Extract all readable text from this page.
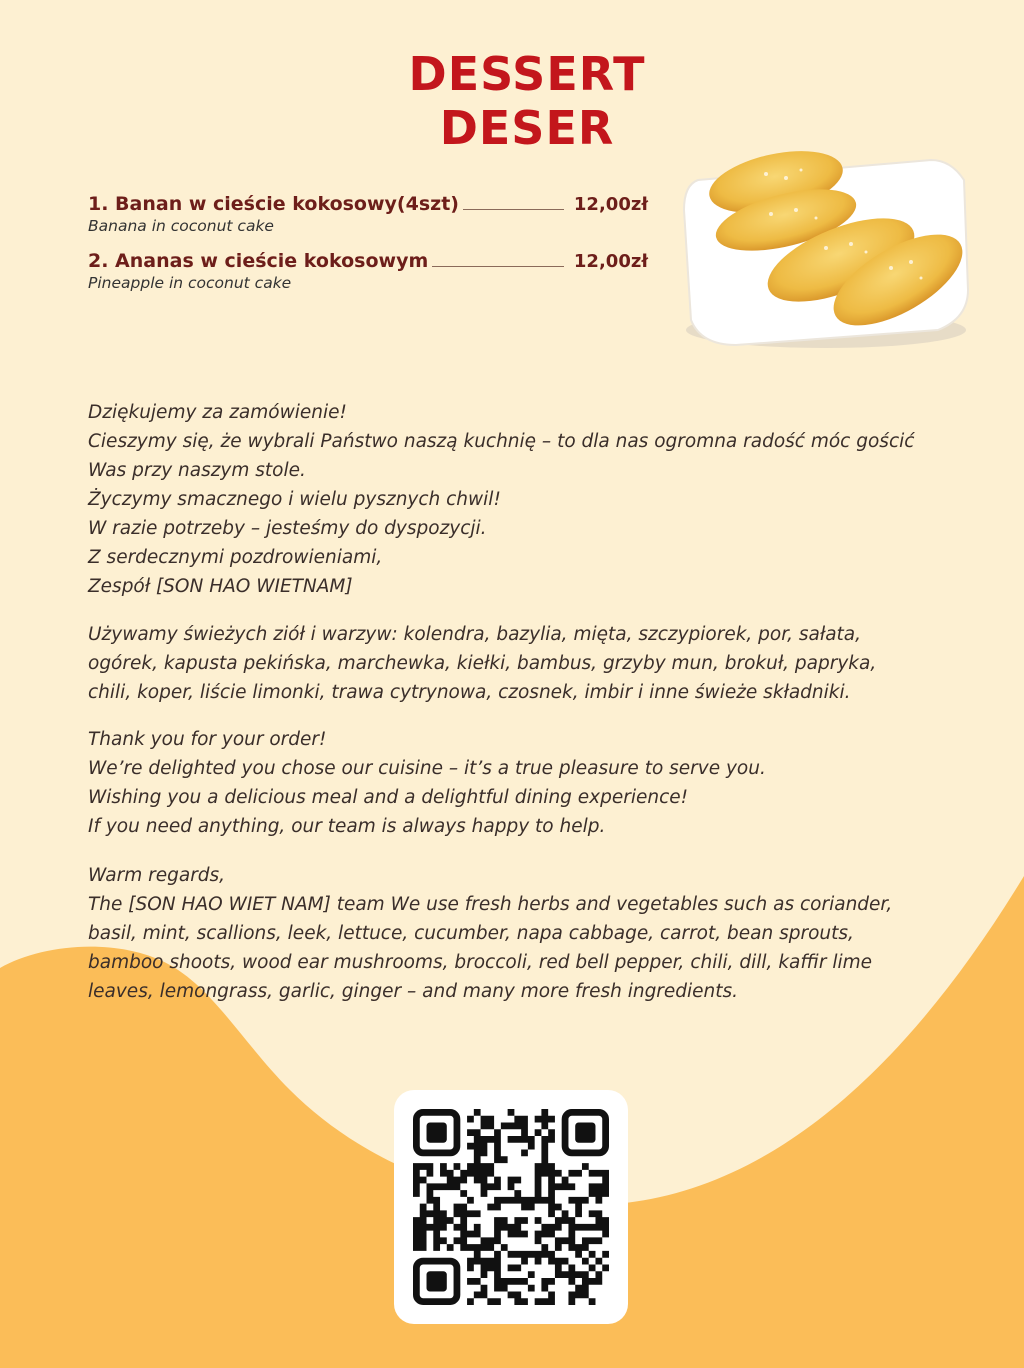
DESSERT
DESER
1. Banan w cieście kokosowy(4szt)	12,00zł
Banana in coconut cake
2. Ananas w cieście kokosowym	12,00zł
Pineapple in coconut cake

Dziękujemy za zamówienie!

Cieszymy się, że wybrali Państwo naszą kuchnię – to dla nas ogromna radość móc gościć

Was przy naszym stole.

Życzymy smacznego i wielu pysznych chwil!

W razie potrzeby – jesteśmy do dyspozycji.

Z serdecznymi pozdrowieniami,

Zespół [SON HAO WIETNAM]

Używamy świeżych ziół i warzyw: kolendra, bazylia, mięta, szczypiorek, por, sałata,

ogórek, kapusta pekińska, marchewka, kiełki, bambus, grzyby mun, brokuł, papryka,

chili, koper, liście limonki, trawa cytrynowa, czosnek, imbir i inne świeże składniki.

Thank you for your order!

We’re delighted you chose our cuisine – it’s a true pleasure to serve you.

Wishing you a delicious meal and a delightful dining experience!

If you need anything, our team is always happy to help.

Warm regards,

The [SON HAO WIET NAM] team We use fresh herbs and vegetables such as coriander,

basil, mint, scallions, leek, lettuce, cucumber, napa cabbage, carrot, bean sprouts,

bamboo shoots, wood ear mushrooms, broccoli, red bell pepper, chili, dill, kaffir lime

leaves, lemongrass, garlic, ginger – and many more fresh ingredients.
